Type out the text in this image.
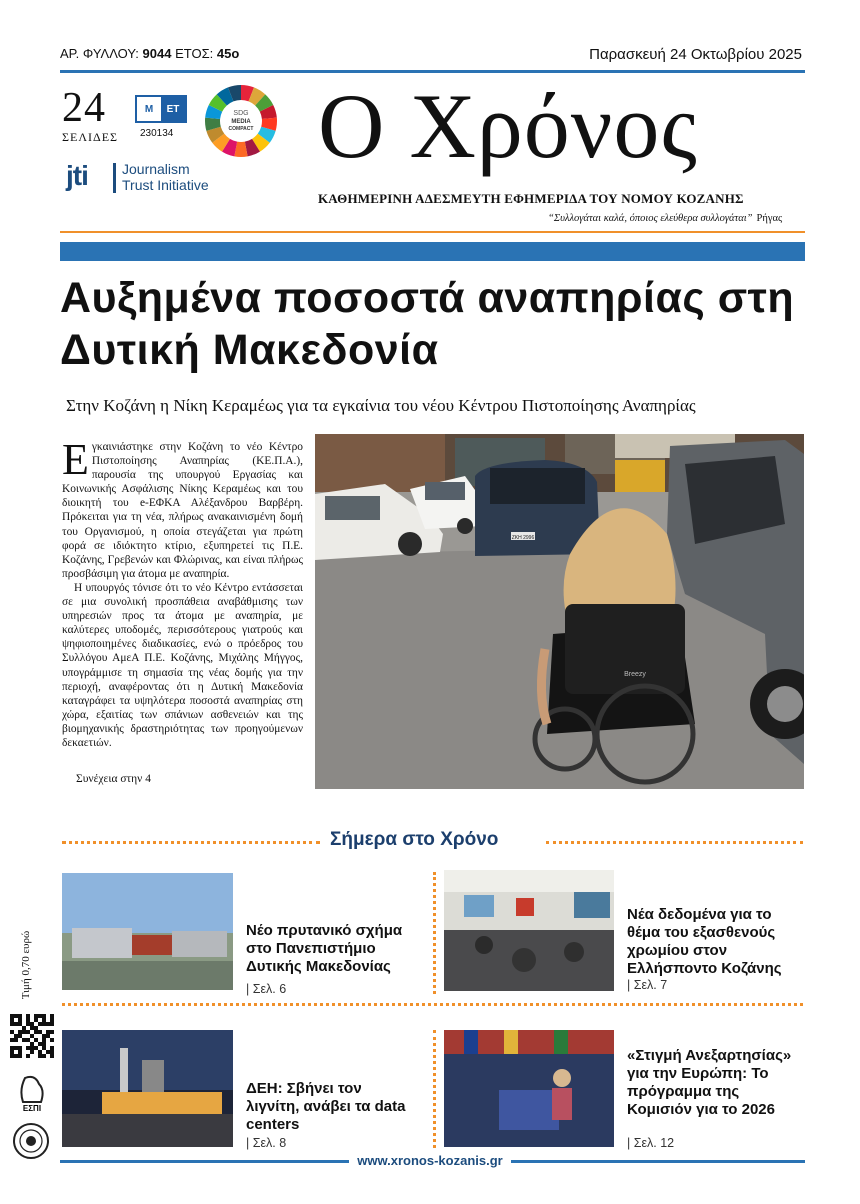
ΑΡ. ΦΥΛΛΟΥ: 9044 ΕΤΟΣ: 45ο	Παρασκευή 24 Οκτωβρίου 2025
24
ΣΕΛΙΔΕΣ
M	ET
230134
SDG
MEDIA
COMPACT
jti Journalism
Trust Initiative
Ο Χρόνος
ΚΑΘΗΜΕΡΙΝΗ ΑΔΕΣΜΕΥΤΗ ΕΦΗΜΕΡΙΔΑ ΤΟΥ ΝΟΜΟΥ ΚΟΖΑΝΗΣ
“Συλλογάται καλά, όποιος ελεύθερα συλλογάται” Ρήγας
Αυξημένα ποσοστά αναπηρίας στη Δυτική Μακεδονία
Στην Κοζάνη η Νίκη Κεραμέως για τα εγκαίνια του νέου Κέντρου Πιστοποίησης Αναπηρίας

Εγκαινιάστηκε στην Κοζάνη το νέο Κέντρο Πιστοποίησης Αναπηρίας (ΚΕ.Π.Α.), παρουσία της υπουργού Εργασίας και Κοινωνικής Ασφάλισης Νίκης Κεραμέως και του διοικητή του e-ΕΦΚΑ Αλέξανδρου Βαρβέρη. Πρόκειται για τη νέα, πλήρως ανακαινισμένη δομή του Οργανισμού, η οποία στεγάζεται για πρώτη φορά σε ιδιόκτητο κτίριο, εξυπηρετεί τις Π.Ε. Κοζάνης, Γρεβενών και Φλώρινας, και είναι πλήρως προσβάσιμη για άτομα με αναπηρία.

Η υπουργός τόνισε ότι το νέο Κέντρο εντάσσεται σε μια συνολική προσπάθεια αναβάθμισης των υπηρεσιών προς τα άτομα με αναπηρία, με καλύτερες υποδομές, περισσότερους γιατρούς και ψηφιοποιημένες διαδικασίες, ενώ ο πρόεδρος του Συλλόγου ΑμεΑ Π.Ε. Κοζάνης, Μιχάλης Μήγγος, υπογράμμισε τη σημασία της νέας δομής για την περιοχή, αναφέροντας ότι η Δυτική Μακεδονία καταγράφει τα υψηλότερα ποσοστά αναπηρίας στη χώρα, εξαιτίας των σπάνιων ασθενειών και της βιομηχανικής δραστηριότητας των προηγούμενων δεκαετιών.

Συνέχεια στην 4
ΖΚΗ 2996
Breezy
Σήμερα στο Χρόνο
Νέο πρυτανικό σχήμα στο Πανεπιστήμιο Δυτικής Μακεδονίας
| Σελ. 6
Νέα δεδομένα για το θέμα του εξασθενούς χρωμίου στον Ελλήσποντο Κοζάνης
| Σελ. 7
ΔΕΗ: Σβήνει τον λιγνίτη, ανάβει τα data centers
| Σελ. 8
«Στιγμή Ανεξαρτησίας» για την Ευρώπη: Το πρόγραμμα της Κομισιόν για το 2026
| Σελ. 12
Τιμή 0,70 ευρώ
ΕΣΠΙ
www.xronos-kozanis.gr
